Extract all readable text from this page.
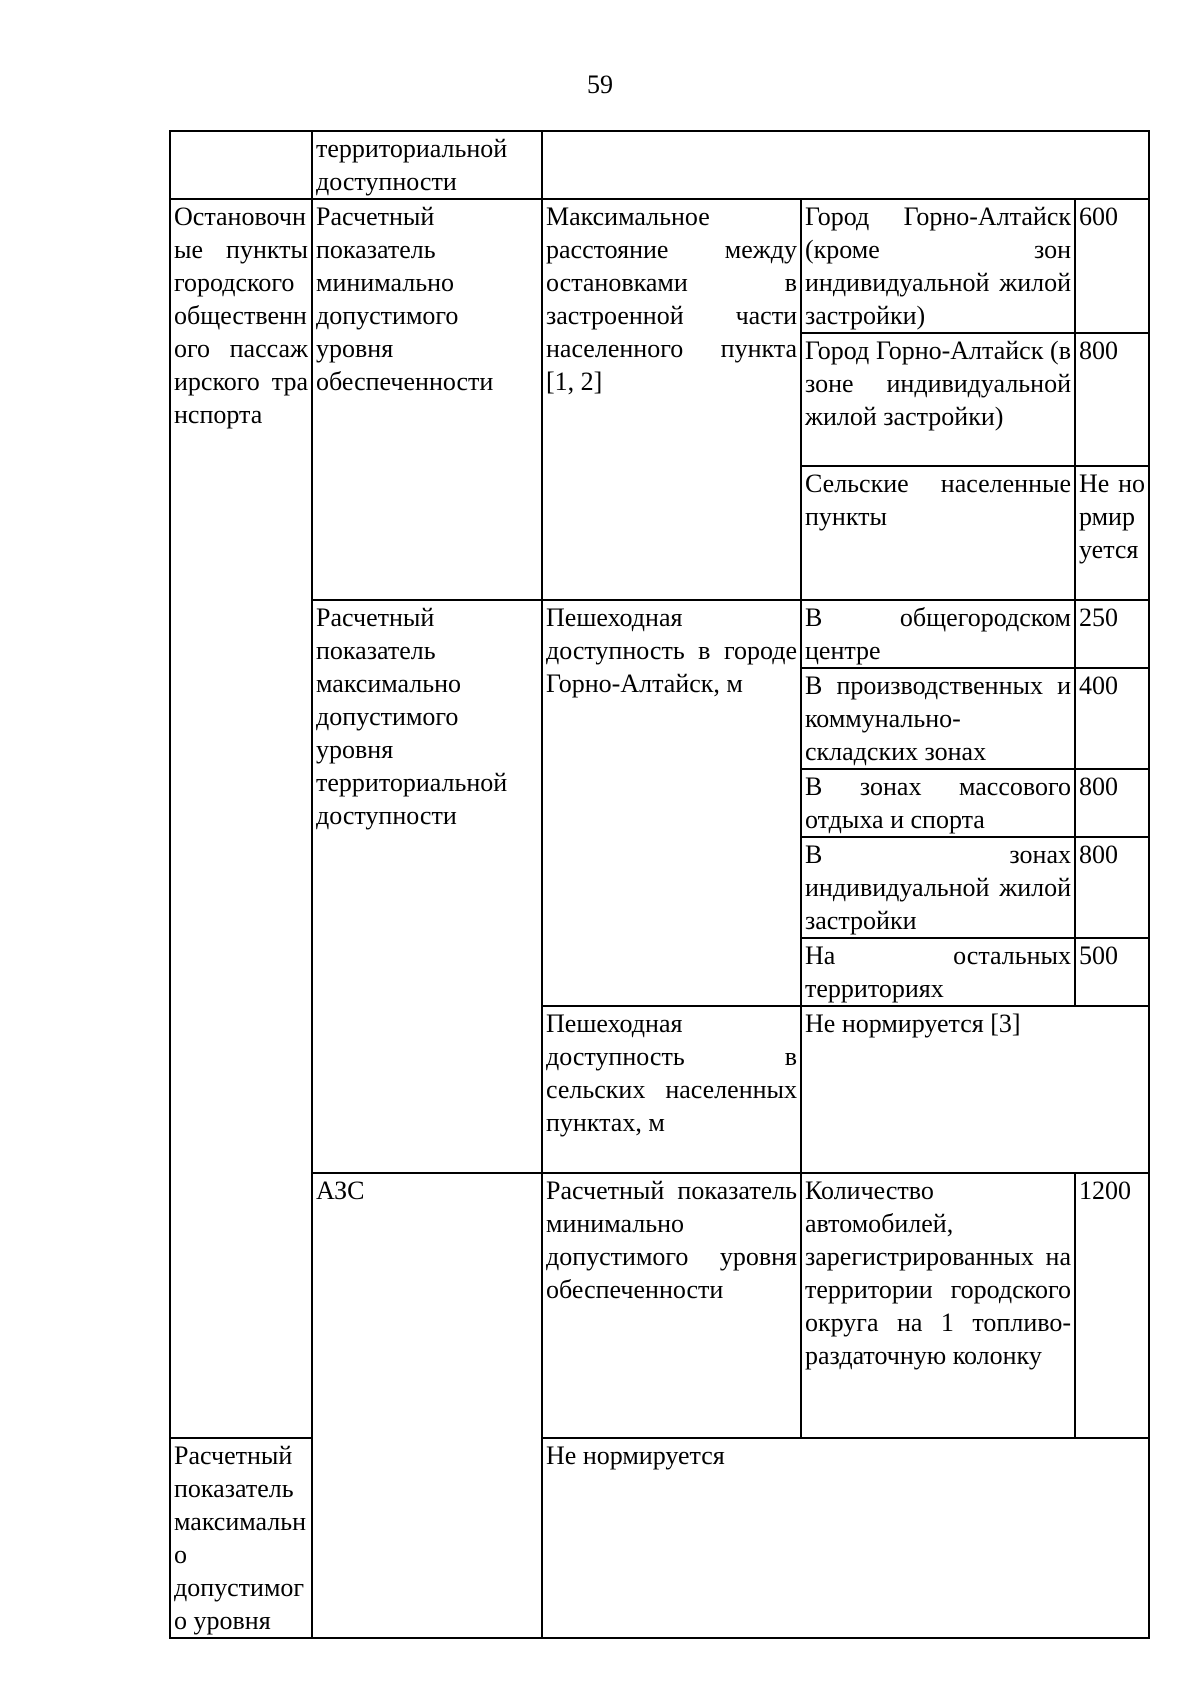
59
	территориальной доступности			
Остановочные пункты городского общественного пассажирского транспорта	Расчетный показатель минимально допустимого уровня обеспеченности	Максимальное расстояние между остановками в застроенной части населенного пункта [1, 2]	Город Горно-Алтайск (кроме зон индивидуальной жилой застройки)	600
			Город Горно-Алтайск (в зоне индивидуальной жилой застройки)	800
			Сельские населенные пункты	Не нормируется
	Расчетный показатель максимально допустимого уровня территориальной доступности	Пешеходная доступность в городе Горно-Алтайск, м	В общегородском центре	250
			В производственных и коммунально-складских зонах	400
			В зонах массового отдыха и спорта	800
			В зонах индивидуальной жилой застройки	800
			На остальных территориях	500
		Пешеходная доступность в сельских населенных пунктах, м	Не нормируется [3]	
	АЗС	Расчетный показатель минимально допустимого уровня обеспеченности	Количество автомобилей, зарегистрированных на территории городского округа на 1 топливо-раздаточную колонку	1200
Расчетный показатель максимально допустимого уровня		Не нормируется		
